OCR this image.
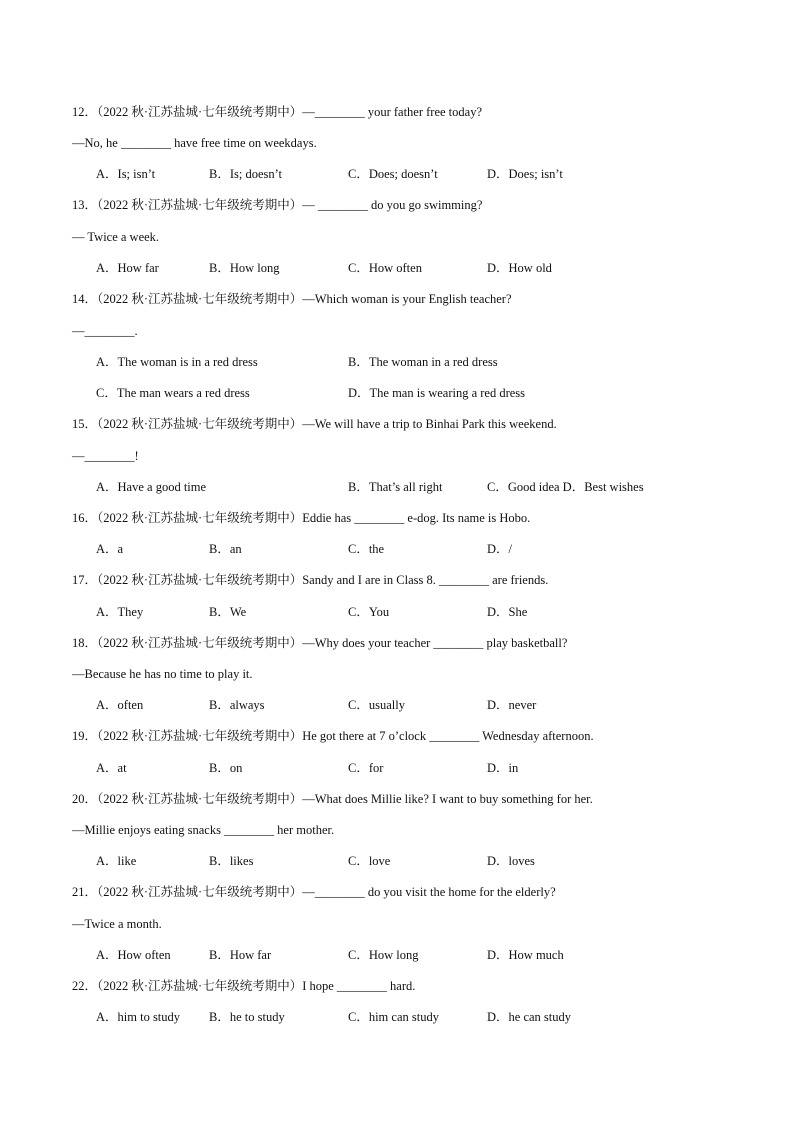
12．（2022 秋·江苏盐城·七年级统考期中）—________ your father free today?
—No, he ________ have free time on weekdays.
A．Is; isn’t	B．Is; doesn’t	C．Does; doesn’t	D．Does; isn’t
13．（2022 秋·江苏盐城·七年级统考期中）— ________ do you go swimming?
— Twice a week.
A．How far	B．How long	C．How often	D．How old
14．（2022 秋·江苏盐城·七年级统考期中）—Which woman is your English teacher?
—________.
A．The woman is in a red dress	B．The woman in a red dress
C．The man wears a red dress	D．The man is wearing a red dress
15．（2022 秋·江苏盐城·七年级统考期中）—We will have a trip to Binhai Park this weekend.
—________!
A．Have a good time	B．That’s all right	C．Good idea D．Best wishes
16．（2022 秋·江苏盐城·七年级统考期中）Eddie has ________ e-dog. Its name is Hobo.
A．a	B．an	C．the	D．/
17．（2022 秋·江苏盐城·七年级统考期中）Sandy and I are in Class 8. ________ are friends.
A．They	B．We	C．You	D．She
18．（2022 秋·江苏盐城·七年级统考期中）—Why does your teacher ________ play basketball?
—Because he has no time to play it.
A．often	B．always	C．usually	D．never
19．（2022 秋·江苏盐城·七年级统考期中）He got there at 7 o’clock ________ Wednesday afternoon.
A．at	B．on	C．for	D．in
20．（2022 秋·江苏盐城·七年级统考期中）—What does Millie like? I want to buy something for her.
—Millie enjoys eating snacks ________ her mother.
A．like	B．likes	C．love	D．loves
21．（2022 秋·江苏盐城·七年级统考期中）—________ do you visit the home for the elderly?
—Twice a month.
A．How often	B．How far	C．How long	D．How much
22．（2022 秋·江苏盐城·七年级统考期中）I hope ________ hard.
A．him to study B．he to study	C．him can study	D．he can study
